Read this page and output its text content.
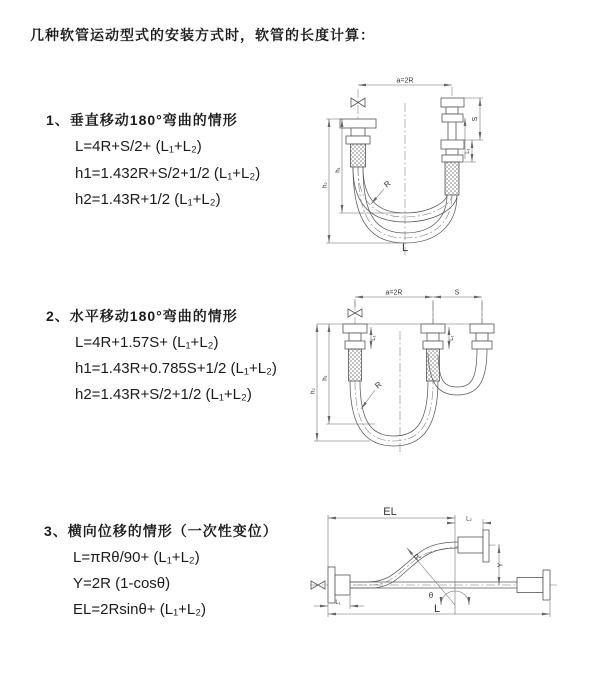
几种软管运动型式的安装方式时，软管的长度计算：
1、垂直移动180°弯曲的情形
L=4R+S/2+ (L₁+L₂)
h1=1.432R+S/2+1/2 (L₁+L₂)
h2=1.43R+1/2 (L₁+L₂)
2、水平移动180°弯曲的情形
L=4R+1.57S+ (L₁+L₂)
h1=1.43R+0.785S+1/2 (L₁+L₂)
h2=1.43R+S/2+1/2 (L₁+L₂)
3、横向位移的情形（一次性变位）
L=πRθ/90+ (L₁+L₂)
Y=2R (1-cosθ)
EL=2Rsinθ+ (L₁+L₂)
a=2R
h₁
h₂
S
L₁
R
L
a=2R	S
h₁
h₂
L₁	L₁
R
EL
L₂
Y
L
L₁
R
θ
